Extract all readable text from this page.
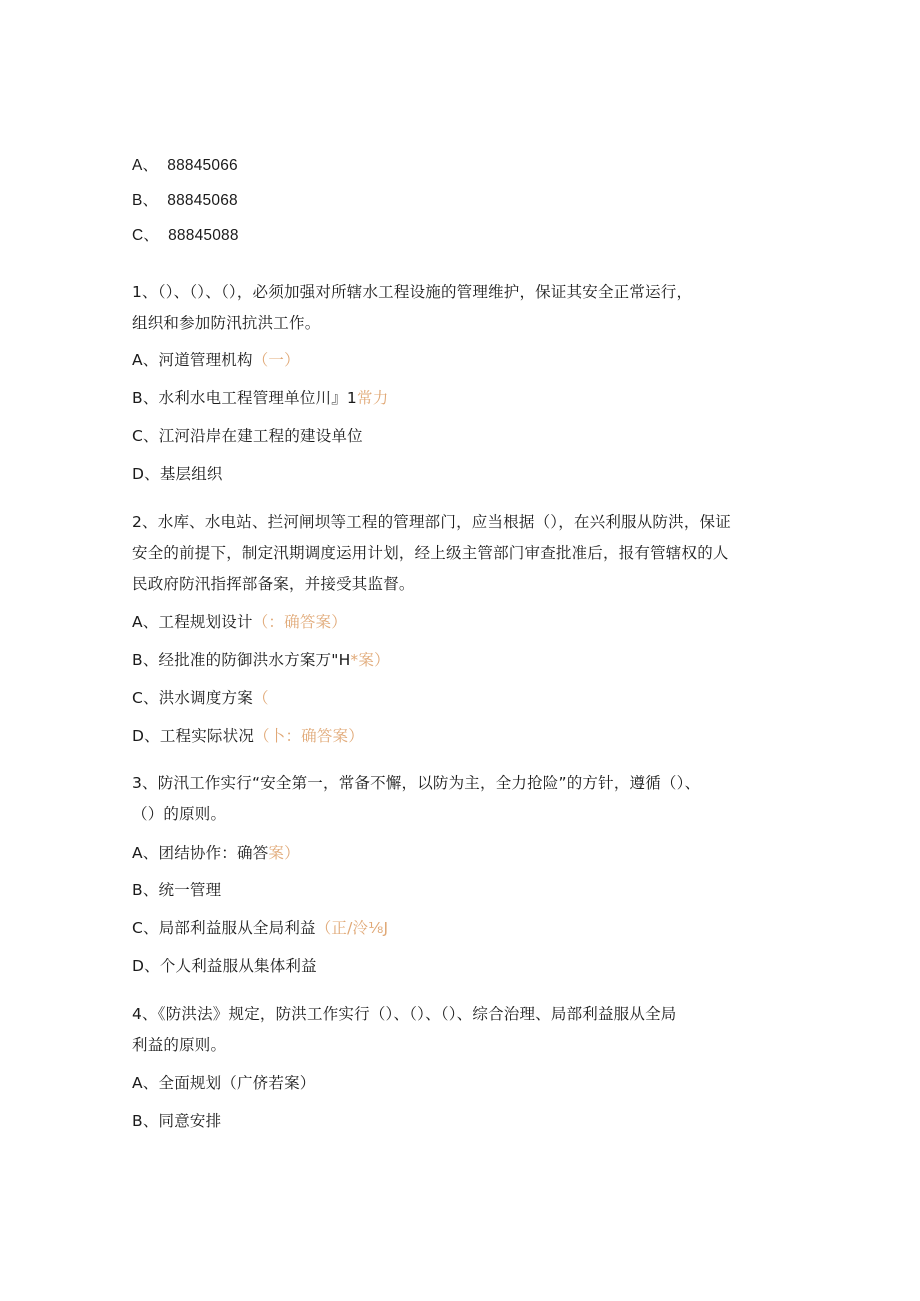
A、 88845066
B、 88845068
C、 88845088
1、（）、（）、（），必须加强对所辖水工程设施的管理维护，保证其安全正常运行，
组织和参加防汛抗洪工作。
A、河道管理机构（一）
B、水利水电工程管理单位川』1常力
C、江河沿岸在建工程的建设单位
D、基层组织
2、水库、水电站、拦河闸坝等工程的管理部门，应当根据（），在兴利服从防洪，保证
安全的前提下，制定汛期调度运用计划，经上级主管部门审查批准后，报有管辖权的人
民政府防汛指挥部备案，并接受其监督。
A、工程规划设计（：确答案）
B、经批准的防御洪水方案万"H*案）
C、洪水调度方案（
D、工程实际状况（卜：确答案）
3、防汛工作实行“安全第一，常备不懈，以防为主，全力抢险”的方针，遵循（）、
（）的原则。
A、团结协作：确答案）
B、统一管理
C、局部利益服从全局利益（正/泠⅛J
D、个人利益服从集体利益
4、《防洪法》规定，防洪工作实行（）、（）、（）、综合治理、局部利益服从全局
利益的原则。
A、全面规划（广侪若案）
B、同意安排
